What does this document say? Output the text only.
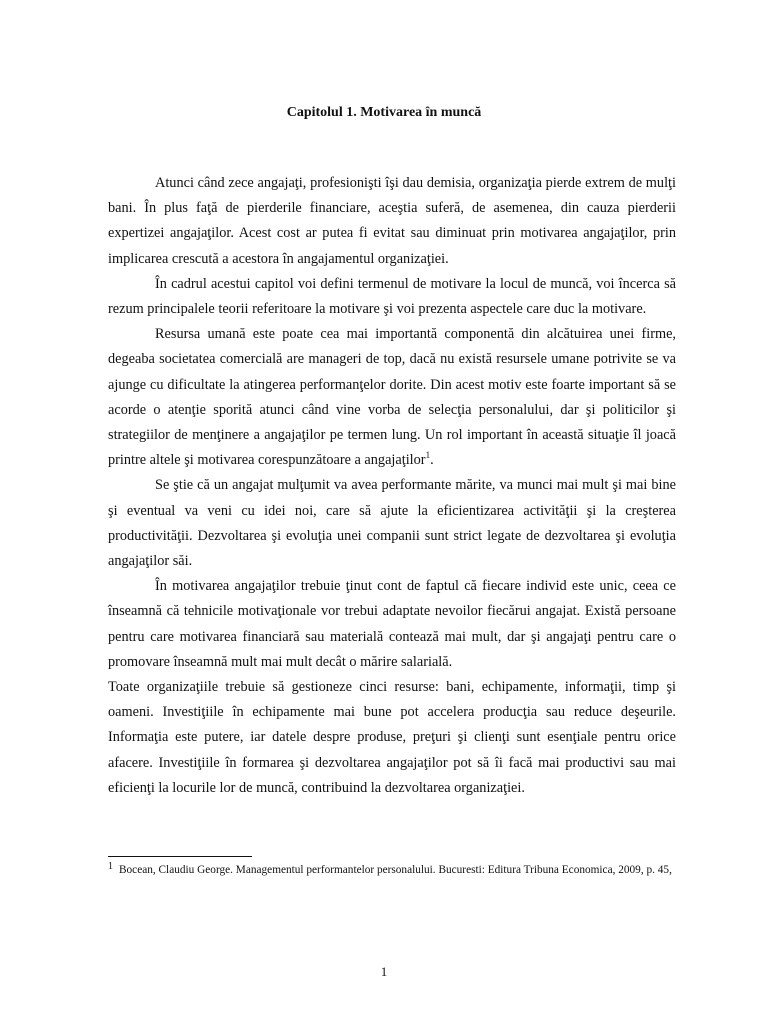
Capitolul 1. Motivarea în muncă

Atunci când zece angajaţi, profesionişti îşi dau demisia, organizaţia pierde extrem de mulţi bani. În plus faţă de pierderile financiare, aceştia suferă, de asemenea, din cauza pierderii expertizei angajaţilor. Acest cost ar putea fi evitat sau diminuat prin motivarea angajaţilor, prin implicarea crescută a acestora în angajamentul organizaţiei.

În cadrul acestui capitol voi defini termenul de motivare la locul de muncă, voi încerca să rezum principalele teorii referitoare la motivare şi voi prezenta aspectele care duc la motivare.

Resursa umană este poate cea mai importantă componentă din alcătuirea unei firme, degeaba societatea comercială are manageri de top, dacă nu există resursele umane potrivite se va ajunge cu dificultate la atingerea performanţelor dorite. Din acest motiv este foarte important să se acorde o atenţie sporită atunci când vine vorba de selecţia personalului, dar şi politicilor şi strategiilor de menţinere a angajaţilor pe termen lung. Un rol important în această situaţie îl joacă printre altele şi motivarea corespunzătoare a angajaţilor$^1$.

Se ştie că un angajat mulţumit va avea performante mărite, va munci mai mult şi mai bine şi eventual va veni cu idei noi, care să ajute la eficientizarea activităţii şi la creşterea productivităţii. Dezvoltarea şi evoluţia unei companii sunt strict legate de dezvoltarea şi evoluţia angajaţilor săi.

În motivarea angajaţilor trebuie ţinut cont de faptul că fiecare individ este unic, ceea ce înseamnă că tehnicile motivaţionale vor trebui adaptate nevoilor fiecărui angajat. Există persoane pentru care motivarea financiară sau materială contează mai mult, dar şi angajaţi pentru care o promovare înseamnă mult mai mult decât o mărire salarială.

Toate organizaţiile trebuie să gestioneze cinci resurse: bani, echipamente, informaţii, timp şi oameni. Investiţiile în echipamente mai bune pot accelera producţia sau reduce deşeurile. Informaţia este putere, iar datele despre produse, preţuri şi clienţi sunt esenţiale pentru orice afacere. Investiţiile în formarea şi dezvoltarea angajaţilor pot să îi facă mai productivi sau mai eficienţi la locurile lor de muncă, contribuind la dezvoltarea organizaţiei.

1 Bocean, Claudiu George. Managementul performantelor personalului. Bucuresti: Editura Tribuna Economica, 2009, p. 45,
1
